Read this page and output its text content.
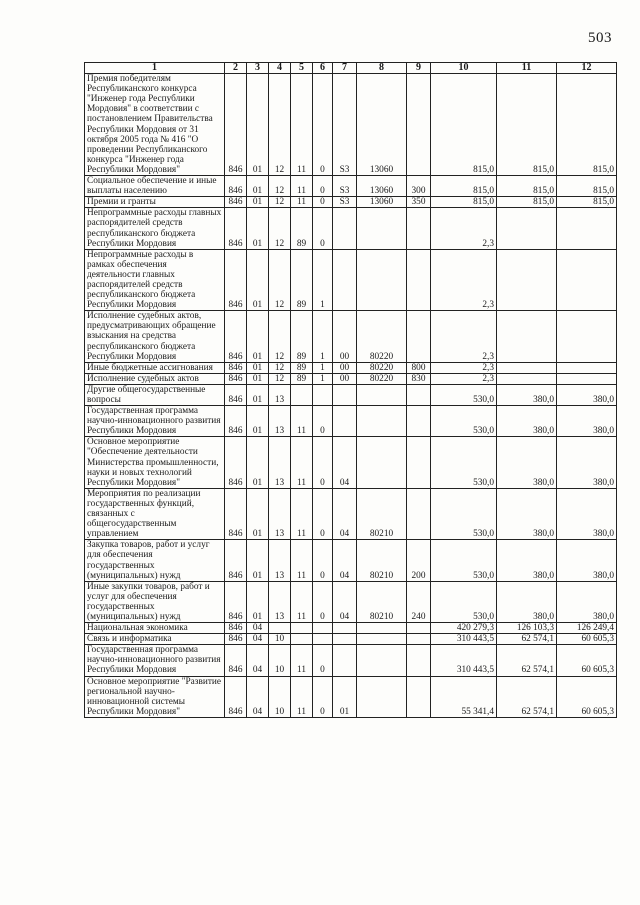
503
1	2	3	4	5	6	7	8	9	10	11	12
Премия победителям Республиканского конкурса "Инженер года Республики Мордовия" в соответствии с постановлением Правительства Республики Мордовия от 31 октября 2005 года № 416 "О проведении Республиканского конкурса "Инженер года Республики Мордовия"	846	01	12	11	0	S3	13060		815,0	815,0	815,0
Социальное обеспечение и иные выплаты населению	846	01	12	11	0	S3	13060	300	815,0	815,0	815,0
Премии и гранты	846	01	12	11	0	S3	13060	350	815,0	815,0	815,0
Непрограммные расходы главных распорядителей средств республиканского бюджета Республики Мордовия	846	01	12	89	0				2,3		
Непрограммные расходы в рамках обеспечения деятельности главных распорядителей средств республиканского бюджета Республики Мордовия	846	01	12	89	1				2,3		
Исполнение судебных актов, предусматривающих обращение взыскания на средства республиканского бюджета Республики Мордовия	846	01	12	89	1	00	80220		2,3		
Иные бюджетные ассигнования	846	01	12	89	1	00	80220	800	2,3		
Исполнение судебных актов	846	01	12	89	1	00	80220	830	2,3		
Другие общегосударственные вопросы	846	01	13						530,0	380,0	380,0
Государственная программа научно-инновационного развития Республики Мордовия	846	01	13	11	0				530,0	380,0	380,0
Основное мероприятие "Обеспечение деятельности Министерства промышленности, науки и новых технологий Республики Мордовия"	846	01	13	11	0	04			530,0	380,0	380,0
Мероприятия по реализации государственных функций, связанных с общегосударственным управлением	846	01	13	11	0	04	80210		530,0	380,0	380,0
Закупка товаров, работ и услуг для обеспечения государственных (муниципальных) нужд	846	01	13	11	0	04	80210	200	530,0	380,0	380,0
Иные закупки товаров, работ и услуг для обеспечения государственных (муниципальных) нужд	846	01	13	11	0	04	80210	240	530,0	380,0	380,0
Национальная экономика	846	04							420 279,3	126 103,3	126 249,4
Связь и информатика	846	04	10						310 443,5	62 574,1	60 605,3
Государственная программа научно-инновационного развития Республики Мордовия	846	04	10	11	0				310 443,5	62 574,1	60 605,3
Основное мероприятие "Развитие региональной научно-инновационной системы Республики Мордовия"	846	04	10	11	0	01			55 341,4	62 574,1	60 605,3
